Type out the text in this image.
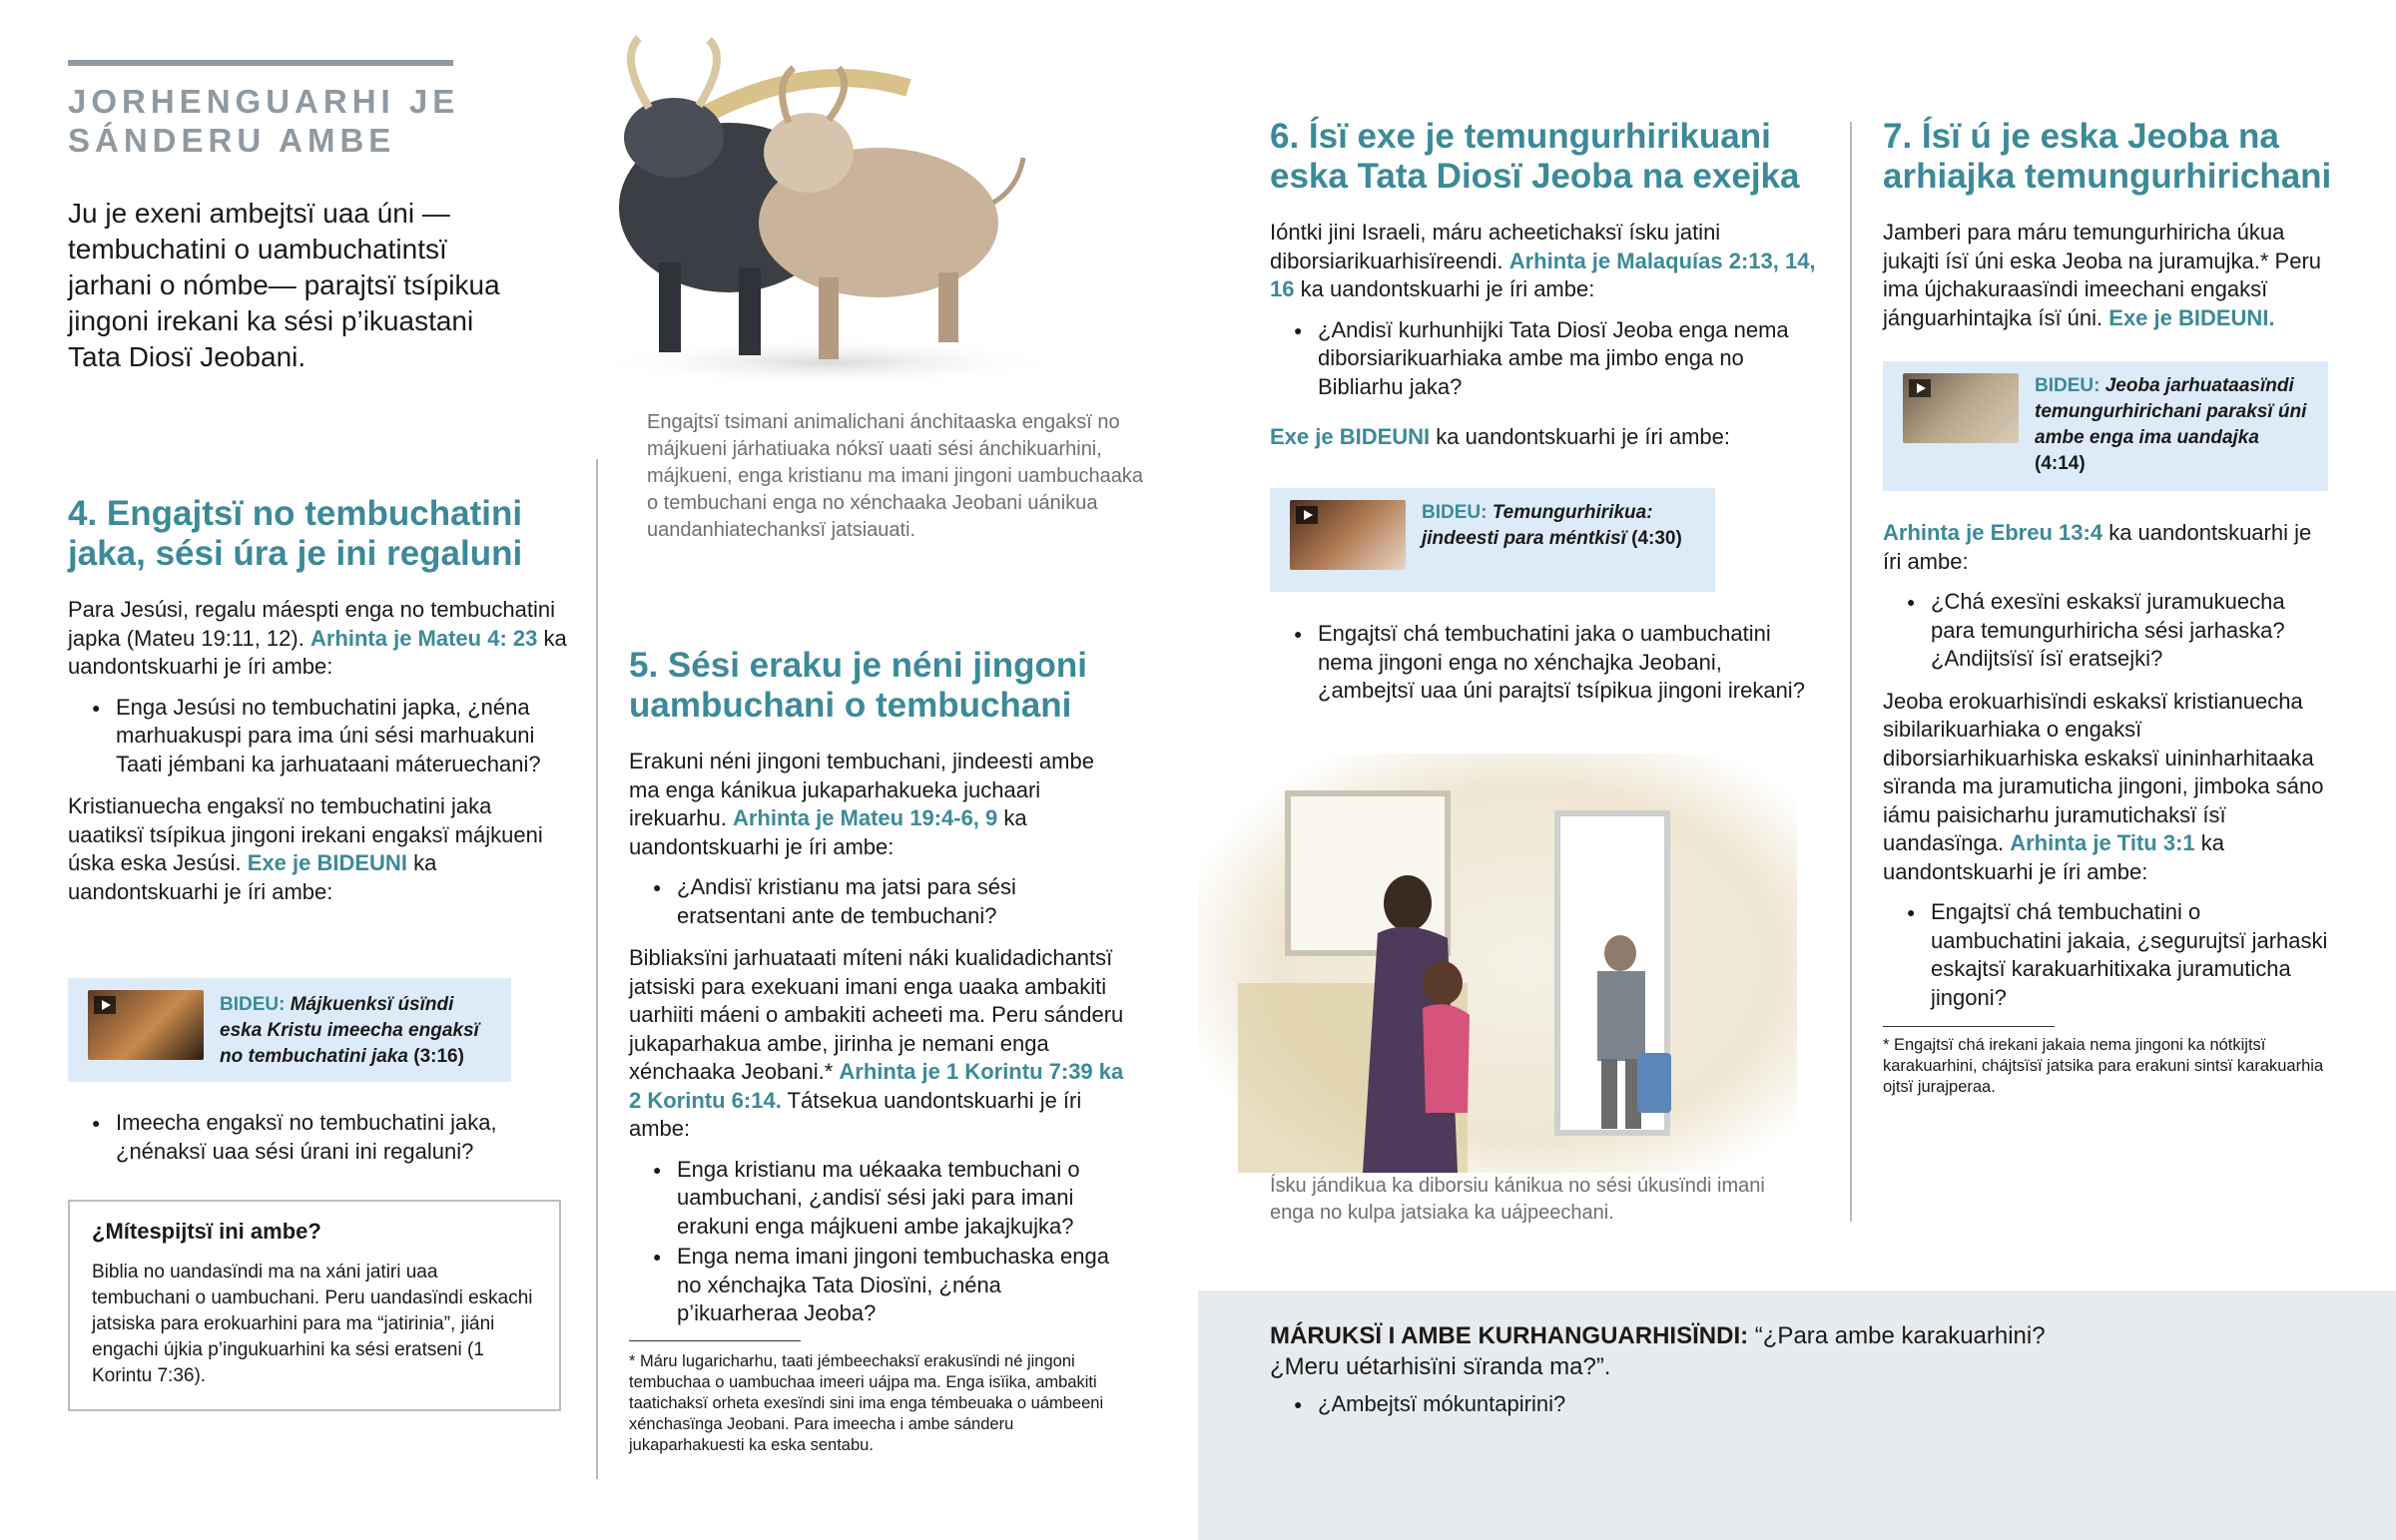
JORHENGUARHI JE
SÁNDERU AMBE
Ju je exeni ambejtsï uaa úni —tembuchatini o uambuchatintsï jarhani o nómbe— parajtsï tsípikua jingoni irekani ka sési p’ikuastani Tata Diosï Jeobani.
4. Engajtsï no tembuchatini jaka, sési úra je ini regaluni
Para Jesúsi, regalu máespti enga no tembuchatini japka (Mateu 19:11, 12). Arhinta je Mateu 4: 23 ka uandontskuarhi je íri ambe:
● Enga Jesúsi no tembuchatini japka, ¿néna marhuakuspi para ima úni sési marhuakuni Taati jémbani ka jarhuataani máteruechani?
Kristianuecha engaksï no tembuchatini jaka uaatiksï tsípikua jingoni irekani engaksï májkueni úska eska Jesúsi. Exe je BIDEUNI ka uandontskuarhi je íri ambe:
BIDEU: Májkuenksï úsïndi eska Kristu imeecha engaksï no tembuchatini jaka (3:16)
● Imeecha engaksï no tembuchatini jaka, ¿nénaksï uaa sési úrani ini regaluni?
¿Mítespijtsï ini ambe?
Biblia no uandasïndi ma na xáni jatiri uaa tembuchani o uambuchani. Peru uandasïndi eskachi jatsiska para erokuarhini para ma “jatirinia”, jiáni engachi újkia p’ingukuarhini ka sési eratseni (1 Korintu 7:36).
Engajtsï tsimani animalichani ánchitaaska engaksï no májkueni járhatiuaka nóksï uaati sési ánchikuarhini, májkueni, enga kristianu ma imani jingoni uambuchaaka o tembuchani enga no xénchaaka Jeobani uánikua uandanhiatechanksï jatsiauati.
5. Sési eraku je néni jingoni uambuchani o tembuchani
Erakuni néni jingoni tembuchani, jindeesti ambe ma enga kánikua jukaparhakueka juchaari irekuarhu. Arhinta je Mateu 19:4-6, 9 ka uandontskuarhi je íri ambe:
● ¿Andisï kristianu ma jatsi para sési eratsentani ante de tembuchani?
Bibliaksïni jarhuataati míteni náki kualidadichantsï jatsiski para exekuani imani enga uaaka ambakiti uarhiiti máeni o ambakiti acheeti ma. Peru sánderu jukaparhakua ambe, jirinha je nemani enga xénchaaka Jeobani.* Arhinta je 1 Korintu 7:39 ka 2 Korintu 6:14. Tátsekua uandontskuarhi je íri ambe:
● Enga kristianu ma uékaaka tembuchani o uambuchani, ¿andisï sési jaki para imani erakuni enga májkueni ambe jakajkujka?
● Enga nema imani jingoni tembuchaska enga no xénchajka Tata Diosïni, ¿néna p’ikuarheraa Jeoba?
* Máru lugaricharhu, taati jémbeechaksï erakusïndi né jingoni tembuchaa o uambuchaa imeeri uájpa ma. Enga isïika, ambakiti taatichaksï orheta exesïndi sini ima enga témbeuaka o uámbeeni xénchasïnga Jeobani. Para imeecha i ambe sánderu jukaparhakuesti ka eska sentabu.
6. Ísï exe je temungurhirikuani eska Tata Diosï Jeoba na exejka
Ióntki jini Israeli, máru acheetichaksï ísku jatini diborsiarikuarhisïreendi. Arhinta je Malaquías 2:13, 14, 16 ka uandontskuarhi je íri ambe:
● ¿Andisï kurhunhijki Tata Diosï Jeoba enga nema diborsiarikuarhiaka ambe ma jimbo enga no Bibliarhu jaka?
Exe je BIDEUNI ka uandontskuarhi je íri ambe:
BIDEU: Temungurhirikua: jindeesti para méntkisï (4:30)
● Engajtsï chá tembuchatini jaka o uambuchatini nema jingoni enga no xénchajka Jeobani, ¿ambejtsï uaa úni parajtsï tsípikua jingoni irekani?
Ísku jándikua ka diborsiu kánikua no sési úkusïndi imani enga no kulpa jatsiaka ka uájpeechani.
7. Ísï ú je eska Jeoba na arhiajka temungurhirichani
Jamberi para máru temungurhiricha úkua jukajti ísï úni eska Jeoba na juramujka.* Peru ima újchakuraasïndi imeechani engaksï jánguarhintajka ísï úni. Exe je BIDEUNI.
BIDEU: Jeoba jarhuataasïndi temungurhirichani paraksï úni ambe enga ima uandajka (4:14)
Arhinta je Ebreu 13:4 ka uandontskuarhi je íri ambe:
● ¿Chá exesïni eskaksï juramukuecha para temungurhiricha sési jarhaska? ¿Andijtsïsï ísï eratsejki?
Jeoba erokuarhisïndi eskaksï kristianuecha sibilarikuarhiaka o engaksï diborsiarhikuarhiska eskaksï uininharhitaaka sïranda ma juramuticha jingoni, jimboka sáno iámu paisicharhu juramutichaksï ísï uandasïnga. Arhinta je Titu 3:1 ka uandontskuarhi je íri ambe:
● Engajtsï chá tembuchatini o uambuchatini jakaia, ¿segurujtsï jarhaski eskajtsï karakuarhitixaka juramuticha jingoni?
* Engajtsï chá irekani jakaia nema jingoni ka nótkijtsï karakuarhini, chájtsïsï jatsika para erakuni sintsï karakuarhia ojtsï jurajperaa.
MÁRUKSÏ I AMBE KURHANGUARHISÏNDI: “¿Para ambe karakuarhini? ¿Meru uétarhisïni sïranda ma?”.
● ¿Ambejtsï mókuntapirini?
